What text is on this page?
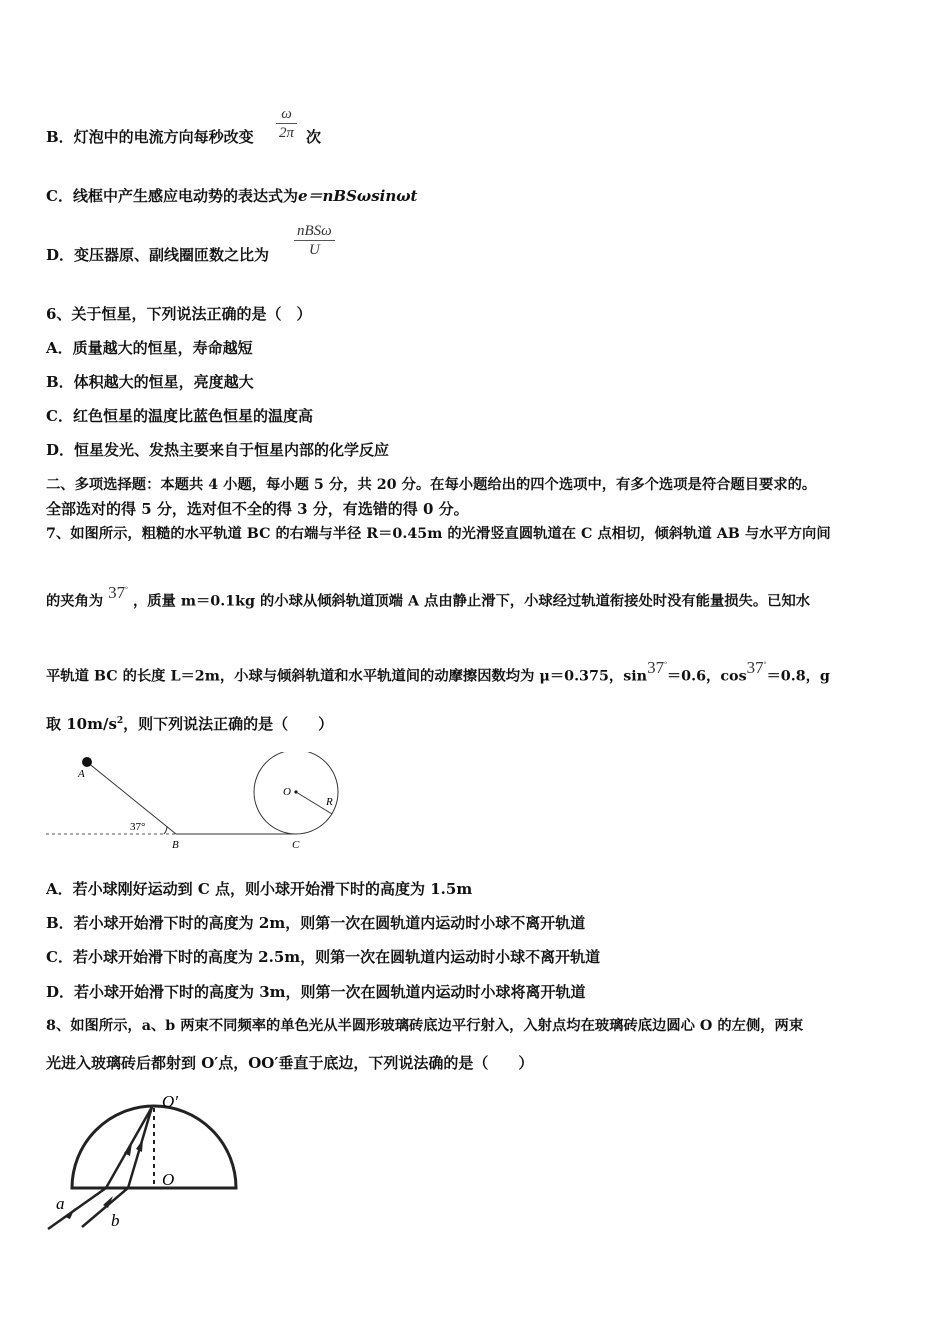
B．灯泡中的电流方向每秒改变
ω
2π 次
C．线框中产生感应电动势的表达式为e＝nBSωsinωt
D．变压器原、副线圈匝数之比为
nBSω
U
6、关于恒星，下列说法正确的是（　）
A．质量越大的恒星，寿命越短
B．体积越大的恒星，亮度越大
C．红色恒星的温度比蓝色恒星的温度高
D．恒星发光、发热主要来自于恒星内部的化学反应
二、多项选择题：本题共 4 小题，每小题 5 分，共 20 分。在每小题给出的四个选项中，有多个选项是符合题目要求的。
全部选对的得 5 分，选对但不全的得 3 分，有选错的得 0 分。
7、如图所示，粗糙的水平轨道 BC 的右端与半径 R＝0.45m 的光滑竖直圆轨道在 C 点相切，倾斜轨道 AB 与水平方向间
的夹角为 37° ，质量 m＝0.1kg 的小球从倾斜轨道顶端 A 点由静止滑下，小球经过轨道衔接处时没有能量损失。已知水
平轨道 BC 的长度 L＝2m，小球与倾斜轨道和水平轨道间的动摩擦因数均为 μ＝0.375，sin37°＝0.6，cos37°＝0.8，g
取 $10m/s^2$，则下列说法正确的是（　　）
A
B	C
O
R
37°
A．若小球刚好运动到 C 点，则小球开始滑下时的高度为 1.5m
B．若小球开始滑下时的高度为 2m，则第一次在圆轨道内运动时小球不离开轨道
C．若小球开始滑下时的高度为 2.5m，则第一次在圆轨道内运动时小球不离开轨道
D．若小球开始滑下时的高度为 3m，则第一次在圆轨道内运动时小球将离开轨道
8、如图所示，a、b 两束不同频率的单色光从半圆形玻璃砖底边平行射入，入射点均在玻璃砖底边圆心 O 的左侧，两束
光进入玻璃砖后都射到 O′点，OO′垂直于底边，下列说法确的是（　　）
O′
O
a
b
